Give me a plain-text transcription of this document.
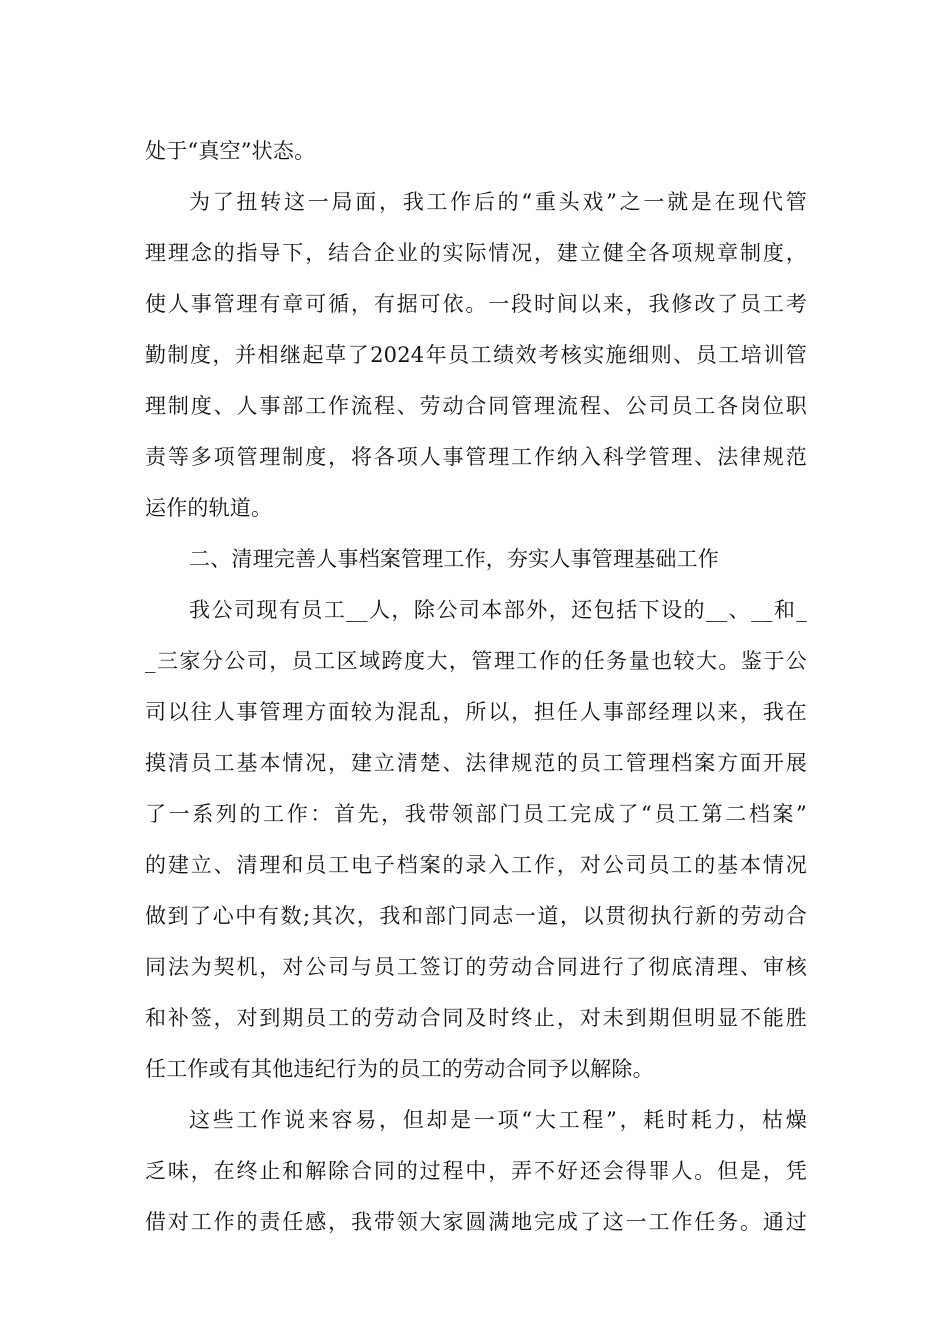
处于“真空”状态。
为了扭转这一局面，我工作后的“重头戏”之一就是在现代管
理理念的指导下，结合企业的实际情况，建立健全各项规章制度，
使人事管理有章可循，有据可依。一段时间以来，我修改了员工考
勤制度，并相继起草了2024年员工绩效考核实施细则、员工培训管
理制度、人事部工作流程、劳动合同管理流程、公司员工各岗位职
责等多项管理制度，将各项人事管理工作纳入科学管理、法律规范
运作的轨道。
二、清理完善人事档案管理工作，夯实人事管理基础工作
我公司现有员工__人，除公司本部外，还包括下设的__、__和_
_三家分公司，员工区域跨度大，管理工作的任务量也较大。鉴于公
司以往人事管理方面较为混乱，所以，担任人事部经理以来，我在
摸清员工基本情况，建立清楚、法律规范的员工管理档案方面开展
了一系列的工作：首先，我带领部门员工完成了“员工第二档案”
的建立、清理和员工电子档案的录入工作，对公司员工的基本情况
做到了心中有数;其次，我和部门同志一道，以贯彻执行新的劳动合
同法为契机，对公司与员工签订的劳动合同进行了彻底清理、审核
和补签，对到期员工的劳动合同及时终止，对未到期但明显不能胜
任工作或有其他违纪行为的员工的劳动合同予以解除。
这些工作说来容易，但却是一项“大工程”，耗时耗力，枯燥
乏味，在终止和解除合同的过程中，弄不好还会得罪人。但是，凭
借对工作的责任感，我带领大家圆满地完成了这一工作任务。通过
